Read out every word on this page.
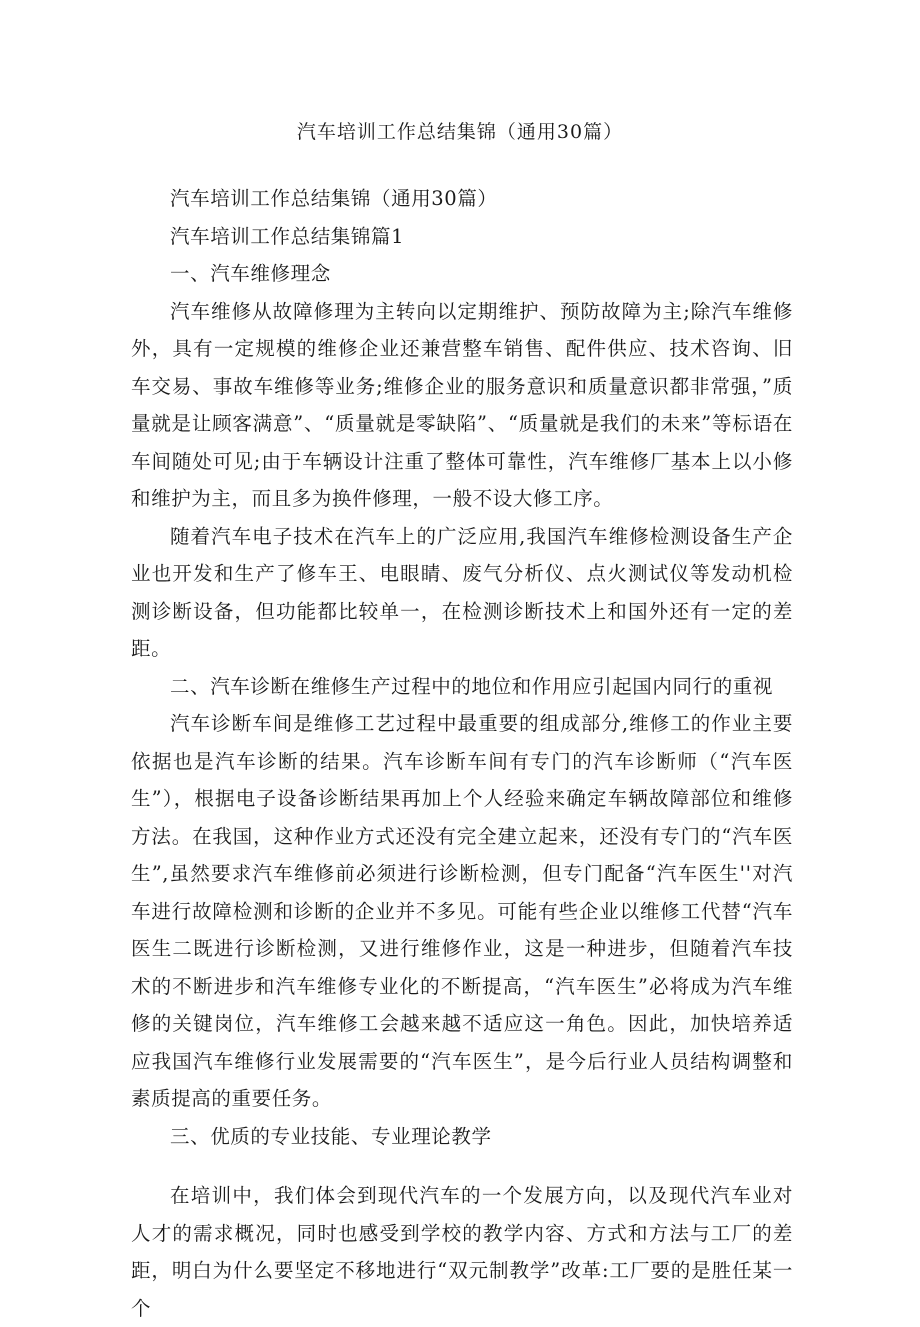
汽车培训工作总结集锦（通用30篇）

汽车培训工作总结集锦（通用30篇）

汽车培训工作总结集锦篇1

一、汽车维修理念

汽车维修从故障修理为主转向以定期维护、预防故障为主;除汽车维修外，具有一定规模的维修企业还兼营整车销售、配件供应、技术咨询、旧车交易、事故车维修等业务;维修企业的服务意识和质量意识都非常强，”质量就是让顾客满意”、“质量就是零缺陷”、“质量就是我们的未来”等标语在车间随处可见;由于车辆设计注重了整体可靠性，汽车维修厂基本上以小修和维护为主，而且多为换件修理，一般不设大修工序。

随着汽车电子技术在汽车上的广泛应用,我国汽车维修检测设备生产企业也开发和生产了修车王、电眼睛、废气分析仪、点火测试仪等发动机检测诊断设备，但功能都比较单一，在检测诊断技术上和国外还有一定的差距。

二、汽车诊断在维修生产过程中的地位和作用应引起国内同行的重视

汽车诊断车间是维修工艺过程中最重要的组成部分,维修工的作业主要依据也是汽车诊断的结果。汽车诊断车间有专门的汽车诊断师（“汽车医生”），根据电子设备诊断结果再加上个人经验来确定车辆故障部位和维修方法。在我国，这种作业方式还没有完全建立起来，还没有专门的“汽车医生”,虽然要求汽车维修前必须进行诊断检测，但专门配备“汽车医生''对汽车进行故障检测和诊断的企业并不多见。可能有些企业以维修工代替“汽车医生二既进行诊断检测，又进行维修作业，这是一种进步，但随着汽车技术的不断进步和汽车维修专业化的不断提高，“汽车医生”必将成为汽车维修的关键岗位，汽车维修工会越来越不适应这一角色。因此，加快培养适应我国汽车维修行业发展需要的“汽车医生”，是今后行业人员结构调整和素质提高的重要任务。

三、优质的专业技能、专业理论教学

在培训中，我们体会到现代汽车的一个发展方向，以及现代汽车业对人才的需求概况，同时也感受到学校的教学内容、方式和方法与工厂的差距，明白为什么要坚定不移地进行“双元制教学”改革:工厂要的是胜任某一个
